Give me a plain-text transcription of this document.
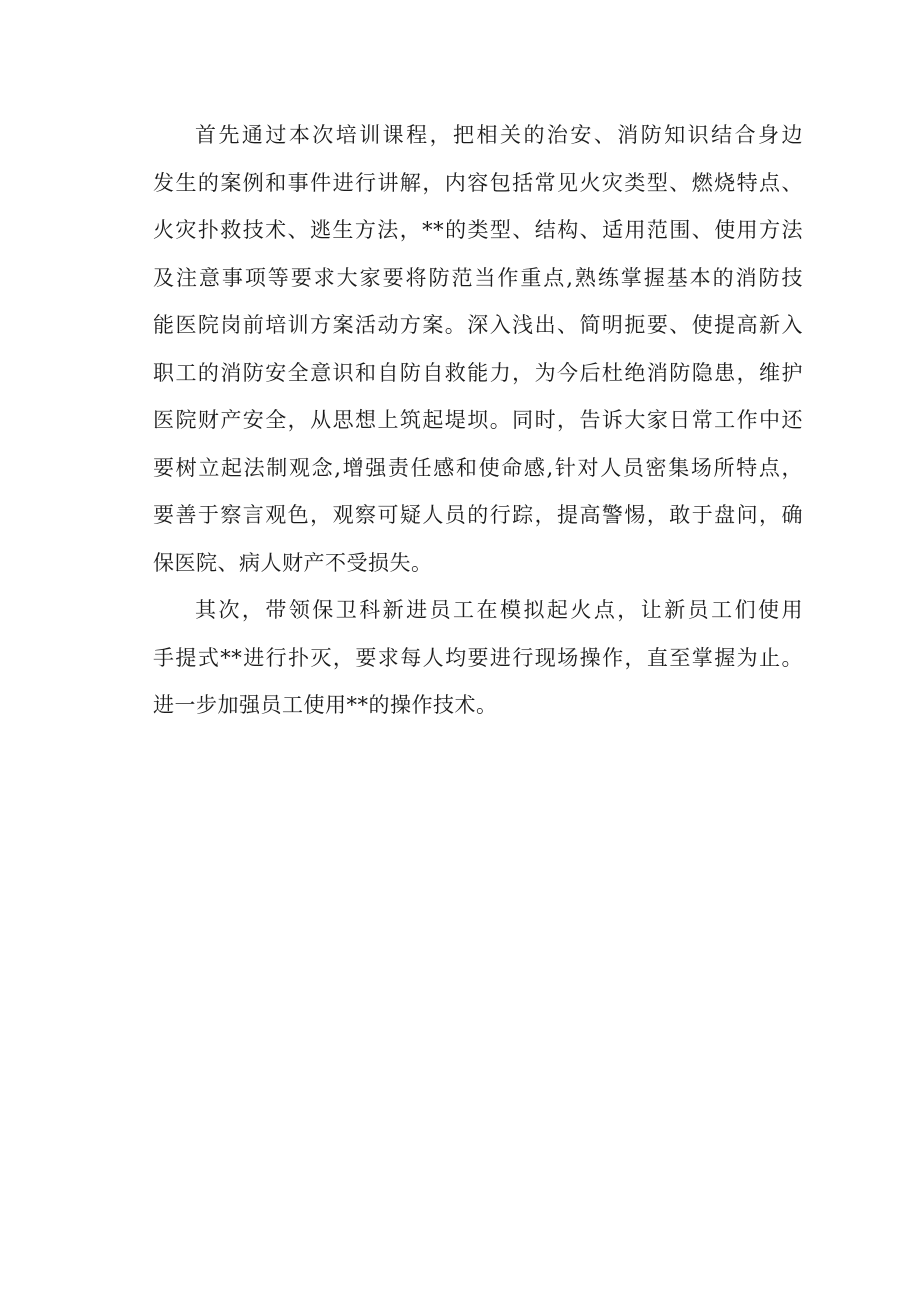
首先通过本次培训课程，把相关的治安、消防知识结合身边
发生的案例和事件进行讲解，内容包括常见火灾类型、燃烧特点、
火灾扑救技术、逃生方法，**的类型、结构、适用范围、使用方法
及注意事项等要求大家要将防范当作重点,熟练掌握基本的消防技
能医院岗前培训方案活动方案。深入浅出、简明扼要、使提高新入
职工的消防安全意识和自防自救能力，为今后杜绝消防隐患，维护
医院财产安全，从思想上筑起堤坝。同时，告诉大家日常工作中还
要树立起法制观念,增强责任感和使命感,针对人员密集场所特点，
要善于察言观色，观察可疑人员的行踪，提高警惕，敢于盘问，确
保医院、病人财产不受损失。

其次，带领保卫科新进员工在模拟起火点，让新员工们使用
手提式**进行扑灭，要求每人均要进行现场操作，直至掌握为止。
进一步加强员工使用**的操作技术。
